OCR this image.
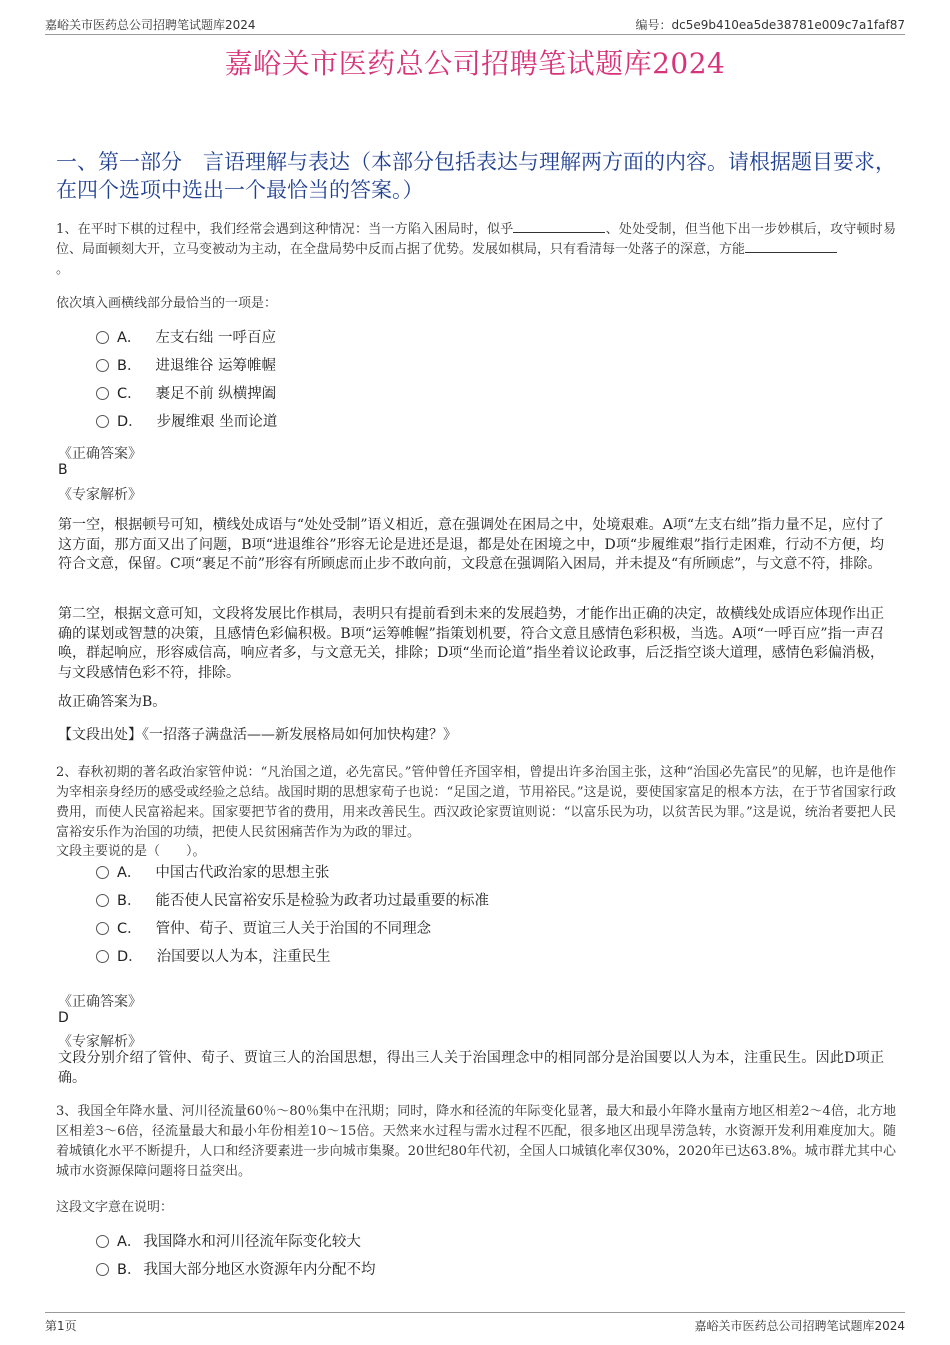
嘉峪关市医药总公司招聘笔试题库2024	编号：dc5e9b410ea5de38781e009c7a1faf87
嘉峪关市医药总公司招聘笔试题库2024
一、第一部分　言语理解与表达（本部分包括表达与理解两方面的内容。请根据题目要求，在四个选项中选出一个最恰当的答案。）

1、在平时下棋的过程中，我们经常会遇到这种情况：当一方陷入困局时，似乎	、处处受制，但当他下出一步妙棋后，攻守顿时易位、局面顿刻大开，立马变被动为主动，在全盘局势中反而占据了优势。发展如棋局，只有看清每一处落子的深意，方能
。

依次填入画横线部分最恰当的一项是：
A． 左支右绌 一呼百应
B． 进退维谷 运筹帷幄
C． 裹足不前 纵横捭阖
D． 步履维艰 坐而论道
《正确答案》
B
《专家解析》

第一空，根据顿号可知，横线处成语与“处处受制”语义相近，意在强调处在困局之中，处境艰难。A项“左支右绌”指力量不足，应付了这方面，那方面又出了问题，B项“进退维谷”形容无论是进还是退，都是处在困境之中，D项“步履维艰”指行走困难，行动不方便，均符合文意，保留。C项“裹足不前”形容有所顾虑而止步不敢向前，文段意在强调陷入困局，并未提及“有所顾虑”，与文意不符，排除。

第二空，根据文意可知，文段将发展比作棋局，表明只有提前看到未来的发展趋势，才能作出正确的决定，故横线处成语应体现作出正确的谋划或智慧的决策，且感情色彩偏积极。B项“运筹帷幄”指策划机要，符合文意且感情色彩积极，当选。A项“一呼百应”指一声召唤，群起响应，形容威信高，响应者多，与文意无关，排除；D项“坐而论道”指坐着议论政事，后泛指空谈大道理，感情色彩偏消极，与文段感情色彩不符，排除。

故正确答案为B。

【文段出处】《一招落子满盘活——新发展格局如何加快构建？》

2、春秋初期的著名政治家管仲说：“凡治国之道，必先富民。”管仲曾任齐国宰相，曾提出许多治国主张，这种“治国必先富民”的见解，也许是他作为宰相亲身经历的感受或经验之总结。战国时期的思想家荀子也说：“足国之道，节用裕民。”这是说，要使国家富足的根本方法，在于节省国家行政费用，而使人民富裕起来。国家要把节省的费用，用来改善民生。西汉政论家贾谊则说：“以富乐民为功，以贫苦民为罪。”这是说，统治者要把人民富裕安乐作为治国的功绩，把使人民贫困痛苦作为为政的罪过。

文段主要说的是（　　）。
A． 中国古代政治家的思想主张
B． 能否使人民富裕安乐是检验为政者功过最重要的标准
C． 管仲、荀子、贾谊三人关于治国的不同理念
D． 治国要以人为本，注重民生
《正确答案》
D
《专家解析》

文段分别介绍了管仲、荀子、贾谊三人的治国思想，得出三人关于治国理念中的相同部分是治国要以人为本，注重民生。因此D项正确。

3、我国全年降水量、河川径流量60％～80％集中在汛期；同时，降水和径流的年际变化显著，最大和最小年降水量南方地区相差2～4倍，北方地区相差3～6倍，径流量最大和最小年份相差10～15倍。天然来水过程与需水过程不匹配，很多地区出现旱涝急转，水资源开发利用难度加大。随着城镇化水平不断提升，人口和经济要素进一步向城市集聚。20世纪80年代初，全国人口城镇化率仅30%，2020年已达63.8%。城市群尤其中心城市水资源保障问题将日益突出。

这段文字意在说明：
A． 我国降水和河川径流年际变化较大
B． 我国大部分地区水资源年内分配不均
第1页	嘉峪关市医药总公司招聘笔试题库2024
